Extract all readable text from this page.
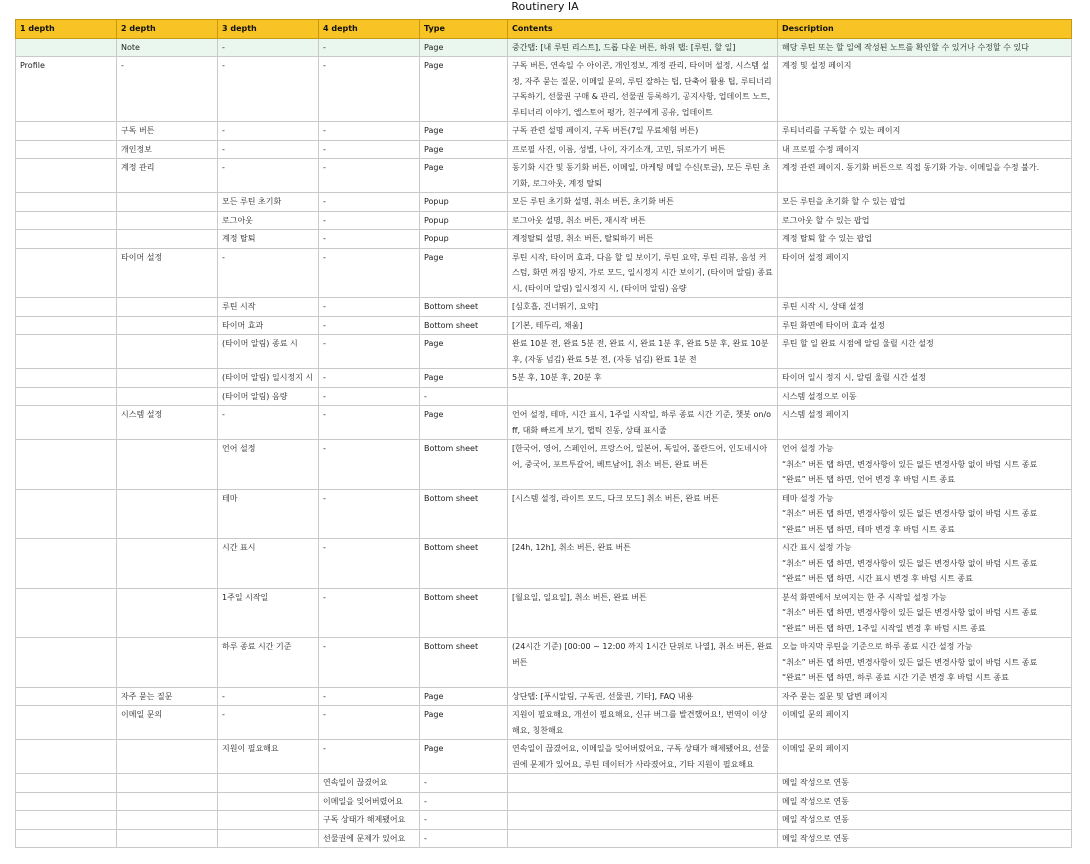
Routinery IA
1 depth	2 depth	3 depth	4 depth	Type	Contents	Description
	Note	-	-	Page	중간탭: [내 루틴 리스트], 드롭 다운 버튼, 하위 탭: [루틴, 할 일]	해당 루틴 또는 할 일에 작성된 노트를 확인할 수 있거나 수정할 수 있다
Profile	-	-	-	Page	구독 버튼, 연속일 수 아이콘, 개인정보, 계정 관리, 타이머 설정, 시스템 설정, 자주 묻는 질문, 이메일 문의, 루틴 잘하는 팁, 단축어 활용 팁, 루티너리 구독하기, 선물권 구매 & 관리, 선물권 등록하기, 공지사항, 업데이트 노트, 루티너리 이야기, 앱스토어 평가, 친구에게 공유, 업데이트	계정 및 설정 페이지
	구독 버튼	-	-	Page	구독 관련 설명 페이지, 구독 버튼(7일 무료체험 버튼)	루티너리를 구독할 수 있는 페이지
	개인정보	-	-	Page	프로필 사진, 이름, 성별, 나이, 자기소개, 고민, 뒤로가기 버튼	내 프로필 수정 페이지
	계정 관리	-	-	Page	동기화 시간 및 동기화 버튼, 이메일, 마케팅 메일 수신(토글), 모든 루틴 초기화, 로그아웃, 계정 탈퇴	계정 관련 페이지. 동기화 버튼으로 직접 동기화 가능. 이메일을 수정 불가.
		모든 루틴 초기화	-	Popup	모든 루틴 초기화 설명, 취소 버튼, 초기화 버튼	모든 루틴을 초기화 할 수 있는 팝업
		로그아웃	-	Popup	로그아웃 설명, 취소 버튼, 재시작 버튼	로그아웃 할 수 있는 팝업
		계정 탈퇴	-	Popup	계정탈퇴 설명, 취소 버튼, 탈퇴하기 버튼	계정 탈퇴 할 수 있는 팝업
	타이머 설정	-	-	Page	루틴 시작, 타이머 효과, 다음 할 일 보이기, 루틴 요약, 루틴 리뷰, 음성 커스텀, 화면 꺼짐 방지, 가로 모드, 일시정지 시간 보이기, (타이머 알림) 종료 시, (타이머 알림) 일시정지 시, (타이머 알림) 음량	타이머 설정 페이지
		루틴 시작	-	Bottom sheet	[심호흡, 건너뛰기, 요약]	루틴 시작 시, 상태 설정
		타이머 효과	-	Bottom sheet	[기본, 테두리, 채움]	루틴 화면에 타이머 효과 설정
		(타이머 알림) 종료 시	-	Page	완료 10분 전, 완료 5분 전, 완료 시, 완료 1분 후, 완료 5분 후, 완료 10분 후, (자동 넘김) 완료 5분 전, (자동 넘김) 완료 1분 전	루틴 할 일 완료 시점에 알림 울릴 시간 설정
		(타이머 알림) 일시정지 시	-	Page	5분 후, 10분 후, 20분 후	타이머 일시 정지 시, 알림 울릴 시간 설정
		(타이머 알림) 음량	-	-		시스템 설정으로 이동
	시스템 설정	-	-	Page	언어 설정, 테마, 시간 표시, 1주일 시작일, 하루 종료 시간 기준, 챗봇 on/off, 대화 빠르게 보기, 햅틱 진동, 상태 표시줄	시스템 설정 페이지
		언어 설정	-	Bottom sheet	[한국어, 영어, 스페인어, 프랑스어, 일본어, 독일어, 폴란드어, 인도네시아어, 중국어, 포트투갈어, 베트남어], 취소 버튼, 완료 버튼	언어 설정 가능
“취소” 버튼 탭 하면, 변경사항이 있든 없든 변경사항 없이 바텀 시트 종료
“완료” 버튼 탭 하면, 언어 변경 후 바텀 시트 종료
		테마	-	Bottom sheet	[시스템 설정, 라이트 모드, 다크 모드] 취소 버튼, 완료 버튼	테마 설정 가능
“취소” 버튼 탭 하면, 변경사항이 있든 없든 변경사항 없이 바텀 시트 종료
“완료” 버튼 탭 하면, 테마 변경 후 바텀 시트 종료
		시간 표시	-	Bottom sheet	[24h, 12h], 취소 버튼, 완료 버튼	시간 표시 설정 가능
“취소” 버튼 탭 하면, 변경사항이 있든 없든 변경사항 없이 바텀 시트 종료
“완료” 버튼 탭 하면, 시간 표시 변경 후 바텀 시트 종료
		1주일 시작일	-	Bottom sheet	[월요일, 일요일], 취소 버튼, 완료 버튼	분석 화면에서 보여지는 한 주 시작일 설정 가능
“취소” 버튼 탭 하면, 변경사항이 있든 없든 변경사항 없이 바텀 시트 종료
“완료” 버튼 탭 하면, 1주일 시작일 변경 후 바텀 시트 종료
		하루 종료 시간 기준	-	Bottom sheet	(24시간 기준) [00:00 ~ 12:00 까지 1시간 단위로 나열], 취소 버튼, 완료 버튼	오늘 마지막 루틴을 기준으로 하루 종료 시간 설정 가능
“취소” 버튼 탭 하면, 변경사항이 있든 없든 변경사항 없이 바텀 시트 종료
“완료” 버튼 탭 하면, 하루 종료 시간 기준 변경 후 바텀 시트 종료
	자주 묻는 질문	-	-	Page	상단탭: [푸시알림, 구독권, 선물권, 기타], FAQ 내용	자주 묻는 질문 및 답변 페이지
	이메일 문의	-	-	Page	지원이 필요해요, 개선이 필요해요, 신규 버그를 발견했어요!, 번역이 이상해요, 칭찬해요	이메일 문의 페이지
		지원이 필요해요	-	Page	연속일이 끊겼어요, 이메일을 잊어버렸어요, 구독 상태가 해제됐어요, 선물권에 문제가 있어요, 루틴 데이터가 사라졌어요, 기타 지원이 필요해요	이메일 문의 페이지
			연속일이 끊겼어요	-		메일 작성으로 연동
			이메일을 잊어버렸어요	-		메일 작성으로 연동
			구독 상태가 해제됐어요	-		메일 작성으로 연동
			선물권에 문제가 있어요	-		메일 작성으로 연동
